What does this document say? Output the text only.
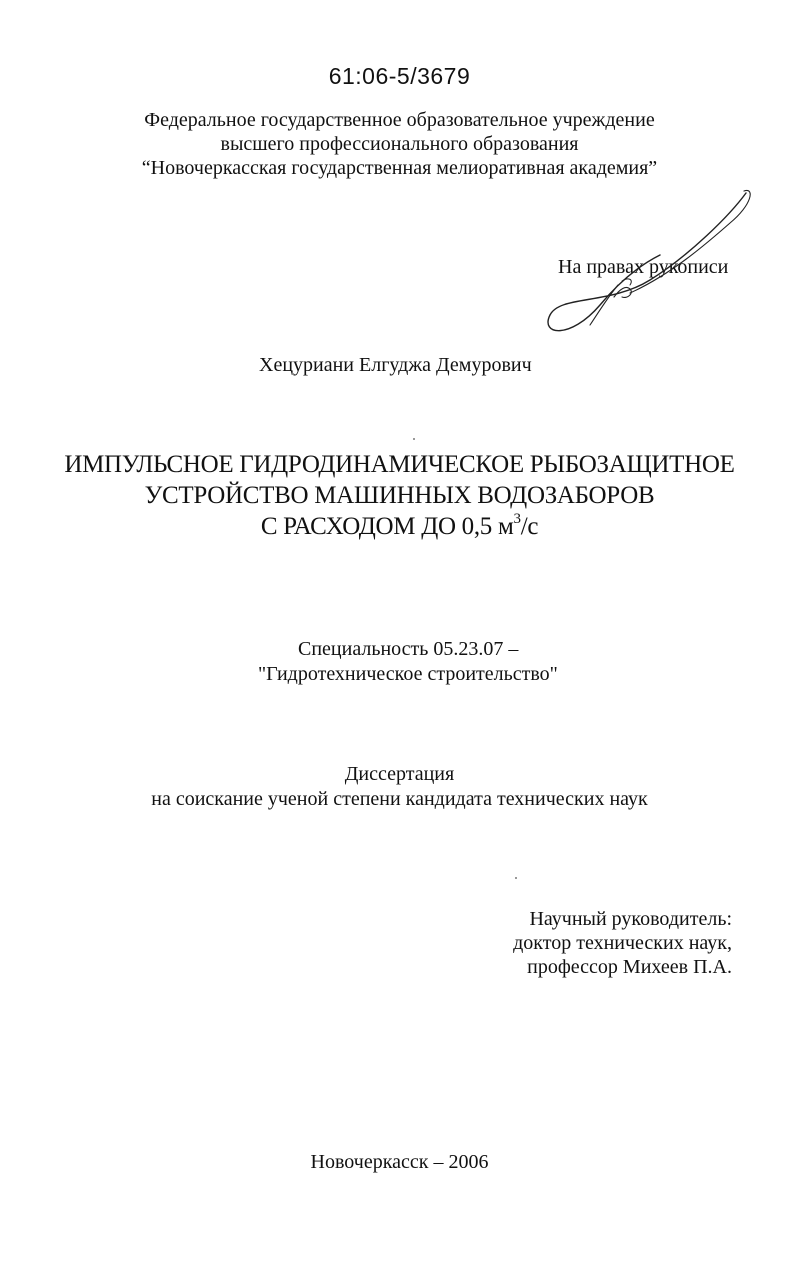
61:06-5/3679
Федеральное государственное образовательное учреждение
высшего профессионального образования
“Новочеркасская государственная мелиоративная академия”
На правах рукописи
Хецуриани Елгуджа Демурович
ИМПУЛЬСНОЕ ГИДРОДИНАМИЧЕСКОЕ РЫБОЗАЩИТНОЕ
УСТРОЙСТВО МАШИННЫХ ВОДОЗАБОРОВ
С РАСХОДОМ ДО 0,5 $м^3/с$
Специальность 05.23.07 –
"Гидротехническое строительство"
Диссертация
на соискание ученой степени кандидата технических наук
Научный руководитель:
доктор технических наук,
профессор Михеев П.А.
Новочеркасск – 2006
